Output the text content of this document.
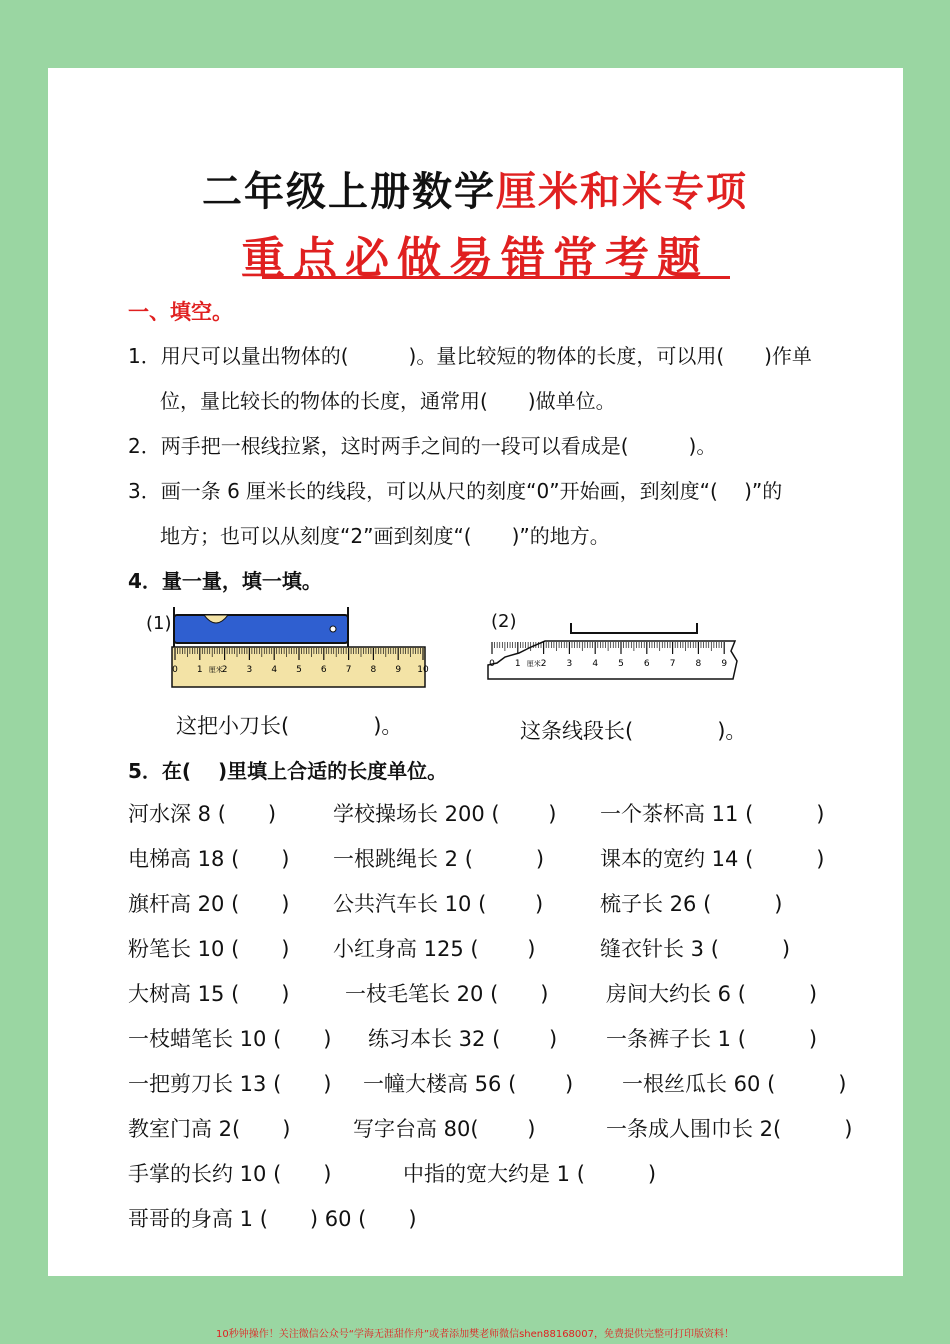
二年级上册数学厘米和米专项
重点必做易错常考题
一、填空。
1．用尺可以量出物体的(　　　)。量比较短的物体的长度，可以用(　　)作单
位，量比较长的物体的长度，通常用(　　)做单位。
2．两手把一根线拉紧，这时两手之间的一段可以看成是(　　　)。
3．画一条 6 厘米长的线段，可以从尺的刻度“0”开始画，到刻度“(　 )”的
地方；也可以从刻度“2”画到刻度“(　　)”的地方。
4．量一量，填一填。
(1)
0 1 厘米
2 3 4 5 6 7 8 9 10
(2)
0 1 厘米 2 3 4 5 6 7 8 9
这把小刀长(　　　　)。	这条线段长(　　　　)。
5．在(　 )里填上合适的长度单位。
河水深 8 (　　)	学校操场长 200 (　　 ) 一个茶杯高 11 (　　　)
电梯高 18 (　　) 一根跳绳长 2 (　　　)	课本的宽约 14 (　　　)
旗杆高 20 (　　) 公共汽车长 10 (　　 )	梳子长 26 (　　　)
粉笔长 10 (　　) 小红身高 125 (　　 )	缝衣针长 3 (　　　)
大树高 15 (　　)	一枝毛笔长 20 (　　)	房间大约长 6 (　　　)
一枝蜡笔长 10 (　　) 练习本长 32 (　　 ) 一条裤子长 1 (　　　)
一把剪刀长 13 (　　) 一幢大楼高 56 (　　 ) 一根丝瓜长 60 (　　　)
教室门高 2(　　)	写字台高 80(　　 )	一条成人围巾长 2(　　　)
手掌的长约 10 (　　)	中指的宽大约是 1 (　　　)
哥哥的身高 1 (　　) 60 (　　)
10秒钟操作！关注微信公众号“学海无涯甜作舟”或者添加樊老师微信shen88168007，免费提供完整可打印版资料！
